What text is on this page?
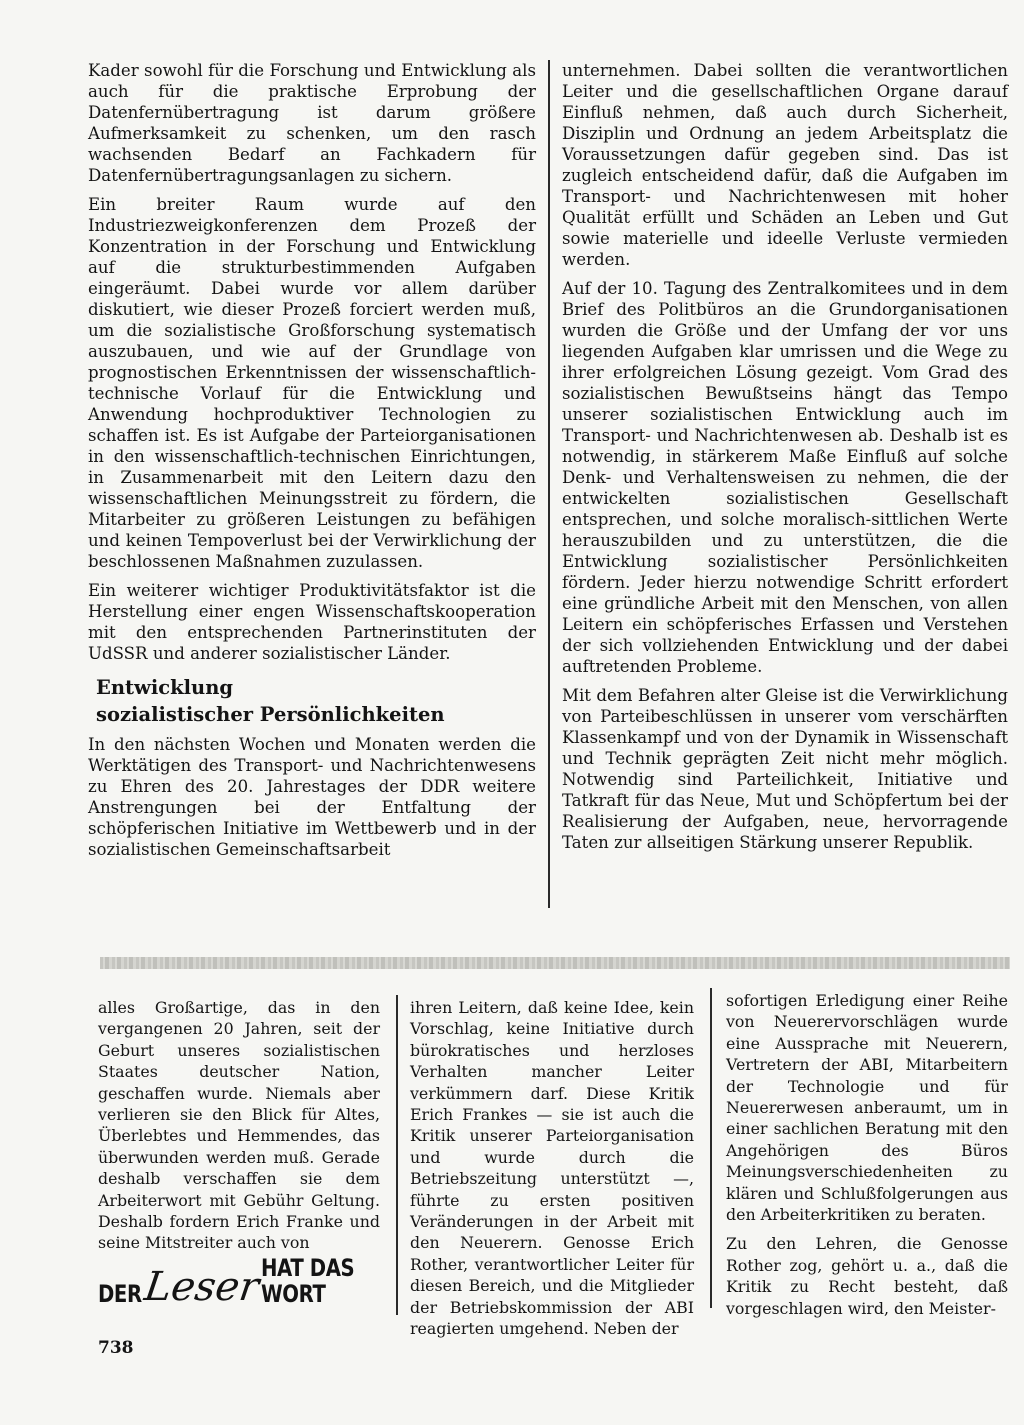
Kader sowohl für die Forschung und Entwicklung als auch für die praktische Erprobung der Datenfernübertragung ist darum größere Aufmerksamkeit zu schenken, um den rasch wachsenden Bedarf an Fachkadern für Datenfernübertragungsanlagen zu sichern.

Ein breiter Raum wurde auf den Industriezweigkonferenzen dem Prozeß der Konzentration in der Forschung und Entwicklung auf die strukturbestimmenden Aufgaben eingeräumt. Dabei wurde vor allem darüber diskutiert, wie dieser Prozeß forciert werden muß, um die sozialistische Großforschung systematisch auszubauen, und wie auf der Grundlage von prognostischen Erkenntnissen der wissenschaftlich-technische Vorlauf für die Entwicklung und Anwendung hochproduktiver Technologien zu schaffen ist. Es ist Aufgabe der Parteiorganisationen in den wissenschaftlich-technischen Einrichtungen, in Zusammenarbeit mit den Leitern dazu den wissenschaftlichen Meinungsstreit zu fördern, die Mitarbeiter zu größeren Leistungen zu befähigen und keinen Tempoverlust bei der Verwirklichung der beschlossenen Maßnahmen zuzulassen.

Ein weiterer wichtiger Produktivitätsfaktor ist die Herstellung einer engen Wissenschaftskooperation mit den entsprechenden Partnerinstituten der UdSSR und anderer sozialistischer Länder.

Entwicklung
sozialistischer Persönlichkeiten

In den nächsten Wochen und Monaten werden die Werktätigen des Transport- und Nachrichtenwesens zu Ehren des 20. Jahrestages der DDR weitere Anstrengungen bei der Entfaltung der schöpferischen Initiative im Wettbewerb und in der sozialistischen Gemeinschaftsarbeit

unternehmen. Dabei sollten die verantwortlichen Leiter und die gesellschaftlichen Organe darauf Einfluß nehmen, daß auch durch Sicherheit, Disziplin und Ordnung an jedem Arbeitsplatz die Voraussetzungen dafür gegeben sind. Das ist zugleich entscheidend dafür, daß die Aufgaben im Transport- und Nachrichtenwesen mit hoher Qualität erfüllt und Schäden an Leben und Gut sowie materielle und ideelle Verluste vermieden werden.

Auf der 10. Tagung des Zentralkomitees und in dem Brief des Politbüros an die Grundorganisationen wurden die Größe und der Umfang der vor uns liegenden Aufgaben klar umrissen und die Wege zu ihrer erfolgreichen Lösung gezeigt. Vom Grad des sozialistischen Bewußtseins hängt das Tempo unserer sozialistischen Entwicklung auch im Transport- und Nachrichtenwesen ab. Deshalb ist es notwendig, in stärkerem Maße Einfluß auf solche Denk- und Verhaltensweisen zu nehmen, die der entwickelten sozialistischen Gesellschaft entsprechen, und solche moralisch-sittlichen Werte herauszubilden und zu unterstützen, die die Entwicklung sozialistischer Persönlichkeiten fördern. Jeder hierzu notwendige Schritt erfordert eine gründliche Arbeit mit den Menschen, von allen Leitern ein schöpferisches Erfassen und Verstehen der sich vollziehenden Entwicklung und der dabei auftretenden Probleme.

Mit dem Befahren alter Gleise ist die Verwirklichung von Parteibeschlüssen in unserer vom verschärften Klassenkampf und von der Dynamik in Wissenschaft und Technik geprägten Zeit nicht mehr möglich. Notwendig sind Parteilichkeit, Initiative und Tatkraft für das Neue, Mut und Schöpfertum bei der Realisierung der Aufgaben, neue, hervorragende Taten zur allseitigen Stärkung unserer Republik.

alles Großartige, das in den vergangenen 20 Jahren, seit der Geburt unseres sozialistischen Staates deutscher Nation, geschaffen wurde. Niemals aber verlieren sie den Blick für Altes, Überlebtes und Hemmendes, das überwunden werden muß. Gerade deshalb verschaffen sie dem Arbeiterwort mit Gebühr Geltung. Deshalb fordern Erich Franke und seine Mitstreiter auch von

ihren Leitern, daß keine Idee, kein Vorschlag, keine Initiative durch bürokratisches und herzloses Verhalten mancher Leiter verkümmern darf. Diese Kritik Erich Frankes — sie ist auch die Kritik unserer Parteiorganisation und wurde durch die Betriebszeitung unterstützt —, führte zu ersten positiven Veränderungen in der Arbeit mit den Neuerern. Genosse Erich Rother, verantwortlicher Leiter für diesen Bereich, und die Mitglieder der Betriebskommission der ABI reagierten umgehend. Neben der

sofortigen Erledigung einer Reihe von Neuerervorschlägen wurde eine Aussprache mit Neuerern, Vertretern der ABI, Mitarbeitern der Technologie und für Neuererwesen anberaumt, um in einer sachlichen Beratung mit den Angehörigen des Büros Meinungsverschiedenheiten zu klären und Schlußfolgerungen aus den Arbeiterkritiken zu beraten.

Zu den Lehren, die Genosse Rother zog, gehört u. a., daß die Kritik zu Recht besteht, daß vorgeschlagen wird, den Meister-

DER Leser
HAT DAS WORT
738
